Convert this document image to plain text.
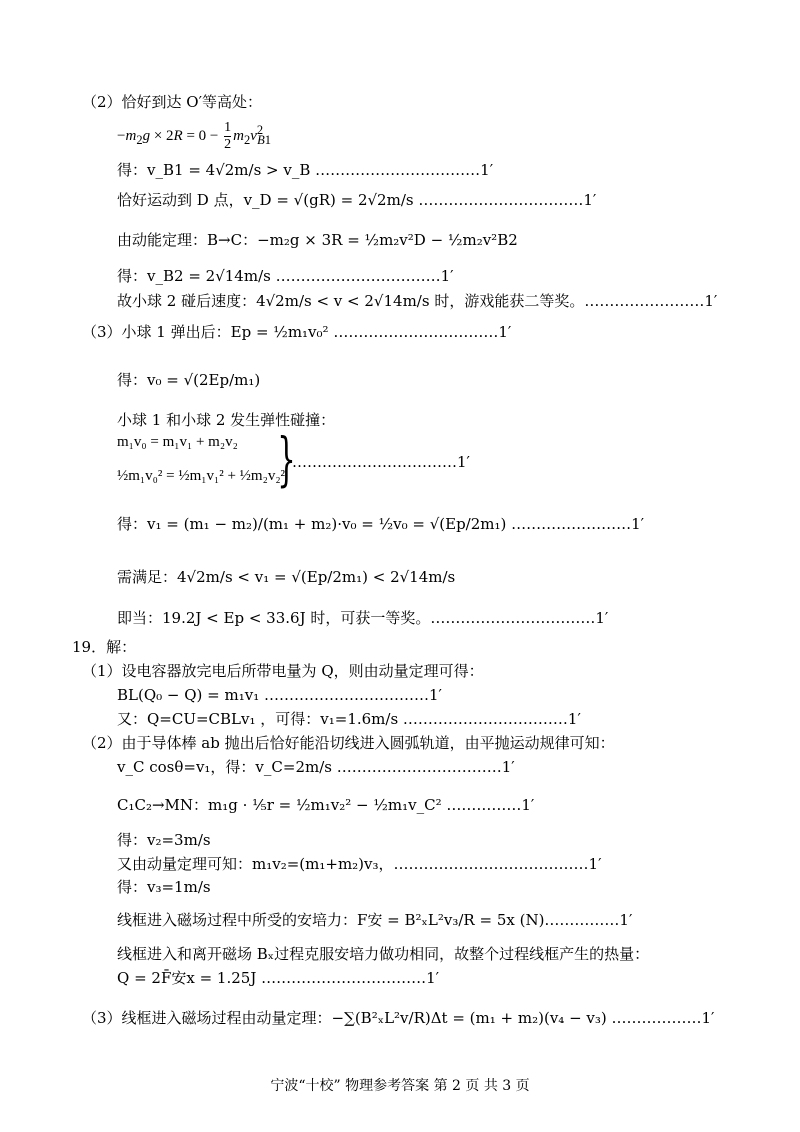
（2）恰好到达 O′等高处：
$-m_2g \times 2R = 0 - \frac{1}{2} m_2v^2_{B1}$
得：v_B1 = 4√2m/s > v_B ……………………………1′
恰好运动到 D 点，v_D = √(gR) = 2√2m/s ……………………………1′
由动能定理：B→C：−m₂g × 3R = ½m₂v²D − ½m₂v²B2
得：v_B2 = 2√14m/s ……………………………1′
故小球 2 碰后速度：4√2m/s < v < 2√14m/s 时，游戏能获二等奖。……………………1′
（3）小球 1 弹出后：Ep = ½m₁v₀² ……………………………1′
得：v₀ = √(2Ep/m₁)
小球 1 和小球 2 发生弹性碰撞：
m₁v₀ = m₁v₁ + m₂v₂
½m₁v₀² = ½m₁v₁² + ½m₂v₂²
}
……………………………1′
得：v₁ = (m₁ − m₂)/(m₁ + m₂)·v₀ = ½v₀ = √(Ep/2m₁) ……………………1′
需满足：4√2m/s < v₁ = √(Ep/2m₁) < 2√14m/s
即当：19.2J < Ep < 33.6J 时，可获一等奖。……………………………1′
19．解：
（1）设电容器放完电后所带电量为 Q，则由动量定理可得：
BL(Q₀ − Q) = m₁v₁ ……………………………1′
又：Q=CU=CBLv₁ ，可得：v₁=1.6m/s ……………………………1′
（2）由于导体棒 ab 抛出后恰好能沿切线进入圆弧轨道，由平抛运动规律可知：
v_C cosθ=v₁，得：v_C=2m/s ……………………………1′
C₁C₂→MN：m₁g · ⅕r = ½m₁v₂² − ½m₁v_C² ……………1′
得：v₂=3m/s
又由动量定理可知：m₁v₂=(m₁+m₂)v₃，…………………………………1′
得：v₃=1m/s
线框进入磁场过程中所受的安培力：F安 = B²ₓL²v₃/R = 5x (N)……………1′
线框进入和离开磁场 Bₓ过程克服安培力做功相同，故整个过程线框产生的热量：
Q = 2F̄安x = 1.25J ……………………………1′
（3）线框进入磁场过程由动量定理：−∑(B²ₓL²v/R)Δt = (m₁ + m₂)(v₄ − v₃) ………………1′
宁波“十校” 物理参考答案 第 2 页 共 3 页
